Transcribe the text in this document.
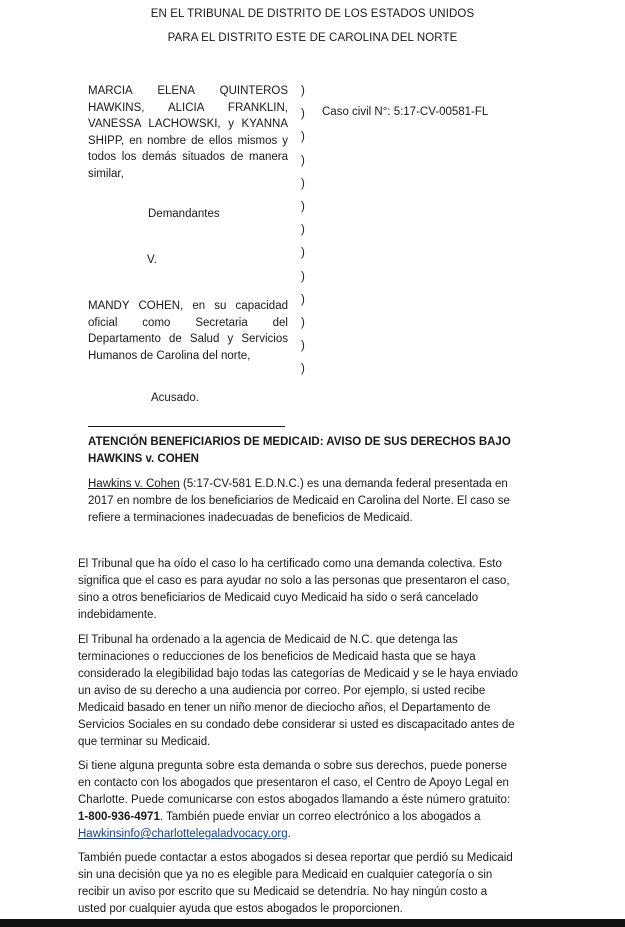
EN EL TRIBUNAL DE DISTRITO DE LOS ESTADOS UNIDOS
PARA EL DISTRITO ESTE DE CAROLINA DEL NORTE

MARCIA ELENA QUINTEROS HAWKINS, ALICIA FRANKLIN, VANESSA LACHOWSKI, y KYANNA SHIPP, en nombre de ellos mismos y todos los demás situados de manera similar,

Demandantes
V.

MANDY COHEN, en su capacidad oficial como Secretaria del Departamento de Salud y Servicios Humanos de Carolina del norte,

Acusado.
)
)
)
)
)
)
)
)
)
)
)
)
)
Caso civil N°: 5:17-CV-00581-FL
ATENCIÓN BENEFICIARIOS DE MEDICAID: AVISO DE SUS DERECHOS BAJO HAWKINS v. COHEN

Hawkins v. Cohen (5:17-CV-581 E.D.N.C.) es una demanda federal presentada en 2017 en nombre de los beneficiarios de Medicaid en Carolina del Norte. El caso se refiere a terminaciones inadecuadas de beneficios de Medicaid.

El Tribunal que ha oído el caso lo ha certificado como una demanda colectiva. Esto significa que el caso es para ayudar no solo a las personas que presentaron el caso, sino a otros beneficiarios de Medicaid cuyo Medicaid ha sido o será cancelado indebidamente.

El Tribunal ha ordenado a la agencia de Medicaid de N.C. que detenga las terminaciones o reducciones de los beneficios de Medicaid hasta que se haya considerado la elegibilidad bajo todas las categorías de Medicaid y se le haya enviado un aviso de su derecho a una audiencia por correo. Por ejemplo, si usted recibe Medicaid basado en tener un niño menor de dieciocho años, el Departamento de Servicios Sociales en su condado debe considerar si usted es discapacitado antes de que terminar su Medicaid.

Si tiene alguna pregunta sobre esta demanda o sobre sus derechos, puede ponerse en contacto con los abogados que presentaron el caso, el Centro de Apoyo Legal en Charlotte. Puede comunicarse con estos abogados llamando a éste número gratuito: 1-800-936-4971. También puede enviar un correo electrónico a los abogados a Hawkinsinfo@charlottelegaladvocacy.org.

También puede contactar a estos abogados si desea reportar que perdió su Medicaid sin una decisión que ya no es elegible para Medicaid en cualquier categoría o sin recibir un aviso por escrito que su Medicaid se detendría. No hay ningún costo a usted por cualquier ayuda que estos abogados le proporcionen.
